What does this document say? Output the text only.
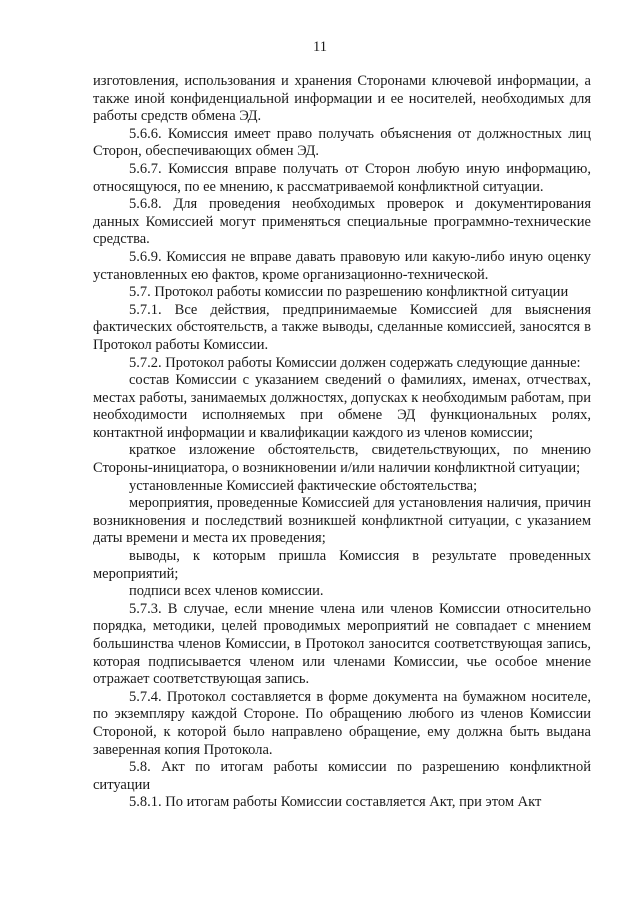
11

изготовления, использования и хранения Сторонами ключевой информации, а также иной конфиденциальной информации и ее носителей, необходимых для работы средств обмена ЭД.

5.6.6. Комиссия имеет право получать объяснения от должностных лиц Сторон, обеспечивающих обмен ЭД.

5.6.7. Комиссия вправе получать от Сторон любую иную информацию, относящуюся, по ее мнению, к рассматриваемой конфликтной ситуации.

5.6.8. Для проведения необходимых проверок и документирования данных Комиссией могут применяться специальные программно-технические средства.

5.6.9. Комиссия не вправе давать правовую или какую-либо иную оценку установленных ею фактов, кроме организационно-технической.

5.7. Протокол работы комиссии по разрешению конфликтной ситуации

5.7.1. Все действия, предпринимаемые Комиссией для выяснения фактических обстоятельств, а также выводы, сделанные комиссией, заносятся в Протокол работы Комиссии.

5.7.2. Протокол работы Комиссии должен содержать следующие данные:

состав Комиссии с указанием сведений о фамилиях, именах, отчествах, местах работы, занимаемых должностях, допусках к необходимым работам, при необходимости исполняемых при обмене ЭД функциональных ролях, контактной информации и квалификации каждого из членов комиссии;

краткое изложение обстоятельств, свидетельствующих, по мнению Стороны-инициатора, о возникновении и/или наличии конфликтной ситуации;

установленные Комиссией фактические обстоятельства;

мероприятия, проведенные Комиссией для установления наличия, причин возникновения и последствий возникшей конфликтной ситуации, с указанием даты времени и места их проведения;

выводы, к которым пришла Комиссия в результате проведенных мероприятий;

подписи всех членов комиссии.

5.7.3. В случае, если мнение члена или членов Комиссии относительно порядка, методики, целей проводимых мероприятий не совпадает с мнением большинства членов Комиссии, в Протокол заносится соответствующая запись, которая подписывается членом или членами Комиссии, чье особое мнение отражает соответствующая запись.

5.7.4. Протокол составляется в форме документа на бумажном носителе, по экземпляру каждой Стороне. По обращению любого из членов Комиссии Стороной, к которой было направлено обращение, ему должна быть выдана заверенная копия Протокола.

5.8. Акт по итогам работы комиссии по разрешению конфликтной ситуации

5.8.1. По итогам работы Комиссии составляется Акт, при этом Акт
